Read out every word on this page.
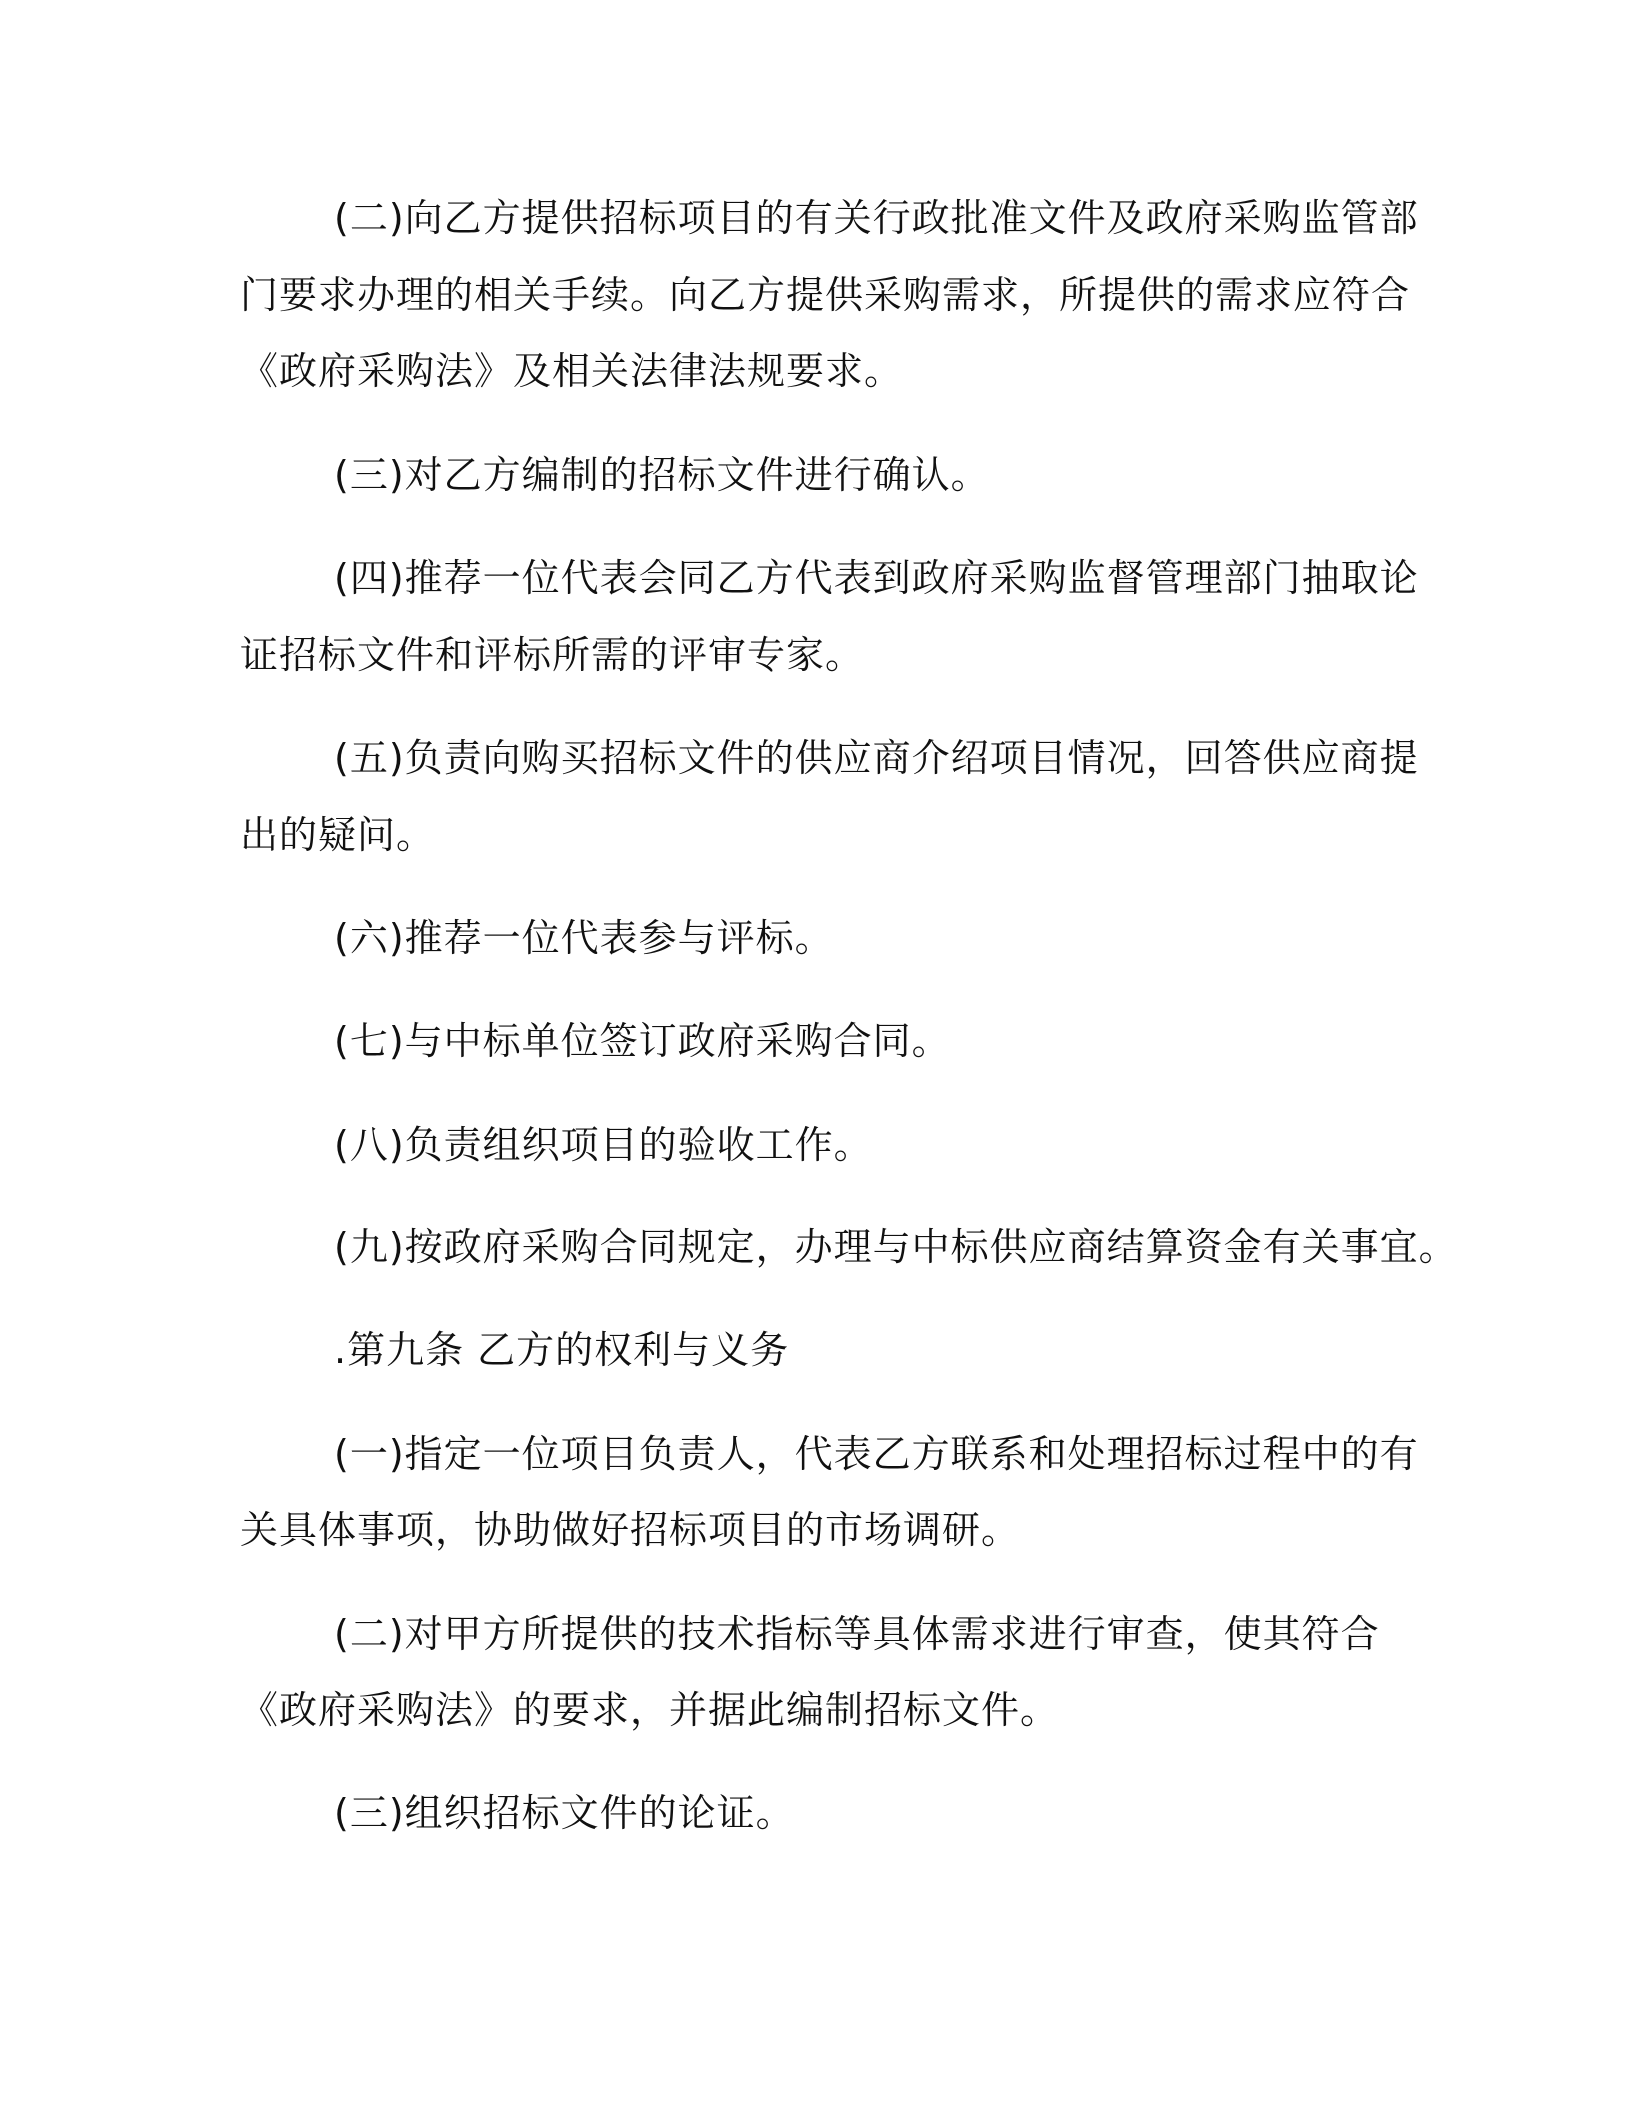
(二)向乙方提供招标项目的有关行政批准文件及政府采购监管部
门要求办理的相关手续。向乙方提供采购需求，所提供的需求应符合
《政府采购法》及相关法律法规要求。
(三)对乙方编制的招标文件进行确认。
(四)推荐一位代表会同乙方代表到政府采购监督管理部门抽取论
证招标文件和评标所需的评审专家。
(五)负责向购买招标文件的供应商介绍项目情况，回答供应商提
出的疑问。
(六)推荐一位代表参与评标。
(七)与中标单位签订政府采购合同。
(八)负责组织项目的验收工作。
(九)按政府采购合同规定，办理与中标供应商结算资金有关事宜。
.第九条 乙方的权利与义务
(一)指定一位项目负责人，代表乙方联系和处理招标过程中的有
关具体事项，协助做好招标项目的市场调研。
(二)对甲方所提供的技术指标等具体需求进行审查，使其符合
《政府采购法》的要求，并据此编制招标文件。
(三)组织招标文件的论证。
